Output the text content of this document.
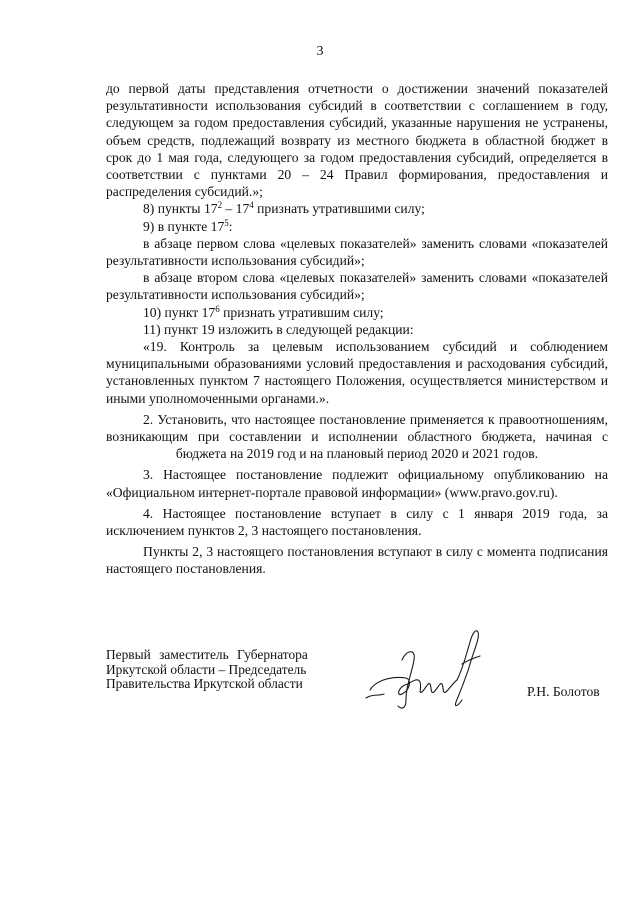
3

до первой даты представления отчетности о достижении значений показателей результативности использования субсидий в соответствии с соглашением в году, следующем за годом предоставления субсидий, указанные нарушения не устранены, объем средств, подлежащий возврату из местного бюджета в областной бюджет в срок до 1 мая года, следующего за годом предоставления субсидий, определяется в соответствии с пунктами 20 – 24 Правил формирования, предоставления и распределения субсидий.»;

8) пункты $17^2 - 17^4$ признать утратившими силу;

9) в пункте $17^5$:

в абзаце первом слова «целевых показателей» заменить словами «показателей результативности использования субсидий»;

в абзаце втором слова «целевых показателей» заменить словами «показателей результативности использования субсидий»;

10) пункт $17^6$ признать утратившим силу;

11) пункт 19 изложить в следующей редакции:

«19. Контроль за целевым использованием субсидий и соблюдением муниципальными образованиями условий предоставления и расходования субсидий, установленных пунктом 7 настоящего Положения, осуществляется министерством и иными уполномоченными органами.».

2. Установить, что настоящее постановление применяется к правоотношениям, возникающим при составлении и исполнении областного бюджета, начиная с бюджета на 2019 год и на плановый период 2020 и 2021 годов.

3. Настоящее постановление подлежит официальному опубликованию на «Официальном интернет-портале правовой информации» (www.pravo.gov.ru).

4. Настоящее постановление вступает в силу с 1 января 2019 года, за исключением пунктов 2, 3 настоящего постановления.

Пункты 2, 3 настоящего постановления вступают в силу с момента подписания настоящего постановления.

Первый заместитель Губернатора
Иркутской области – Председатель
Правительства Иркутской области
Р.Н. Болотов
